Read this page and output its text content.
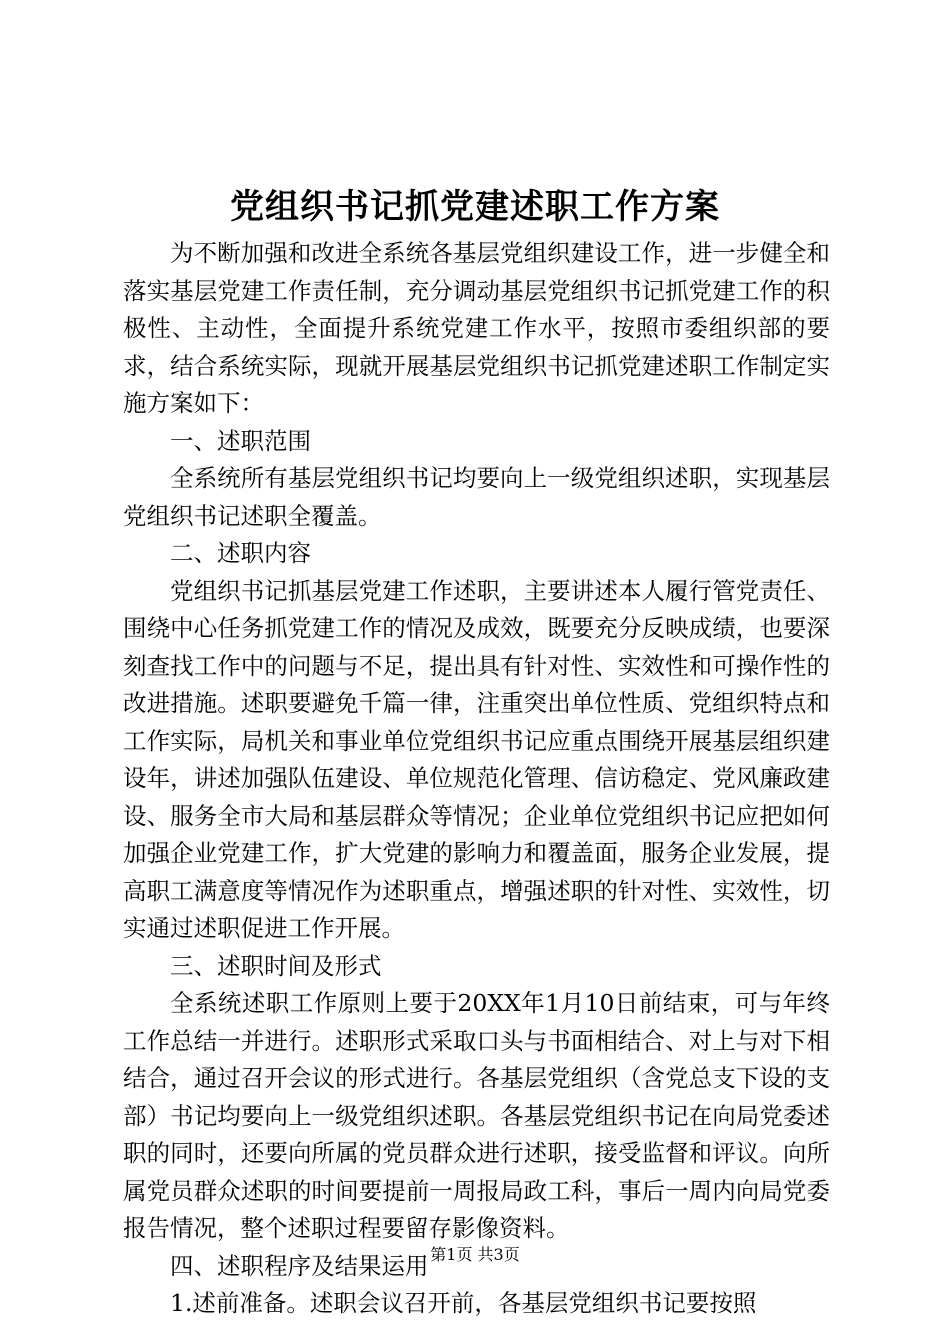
党组织书记抓党建述职工作方案

为不断加强和改进全系统各基层党组织建设工作，进一步健全和落实基层党建工作责任制，充分调动基层党组织书记抓党建工作的积极性、主动性，全面提升系统党建工作水平，按照市委组织部的要求，结合系统实际，现就开展基层党组织书记抓党建述职工作制定实施方案如下：

一、述职范围

全系统所有基层党组织书记均要向上一级党组织述职，实现基层党组织书记述职全覆盖。

二、述职内容

党组织书记抓基层党建工作述职，主要讲述本人履行管党责任、围绕中心任务抓党建工作的情况及成效，既要充分反映成绩，也要深刻查找工作中的问题与不足，提出具有针对性、实效性和可操作性的改进措施。述职要避免千篇一律，注重突出单位性质、党组织特点和工作实际，局机关和事业单位党组织书记应重点围绕开展基层组织建设年，讲述加强队伍建设、单位规范化管理、信访稳定、党风廉政建设、服务全市大局和基层群众等情况；企业单位党组织书记应把如何加强企业党建工作，扩大党建的影响力和覆盖面，服务企业发展，提高职工满意度等情况作为述职重点，增强述职的针对性、实效性，切实通过述职促进工作开展。

三、述职时间及形式

全系统述职工作原则上要于20XX年1月10日前结束，可与年终工作总结一并进行。述职形式采取口头与书面相结合、对上与对下相结合，通过召开会议的形式进行。各基层党组织（含党总支下设的支部）书记均要向上一级党组织述职。各基层党组织书记在向局党委述职的同时，还要向所属的党员群众进行述职，接受监督和评议。向所属党员群众述职的时间要提前一周报局政工科，事后一周内向局党委报告情况，整个述职过程要留存影像资料。

四、述职程序及结果运用

1.述前准备。述职会议召开前，各基层党组织书记要按照

第1页 共3页
